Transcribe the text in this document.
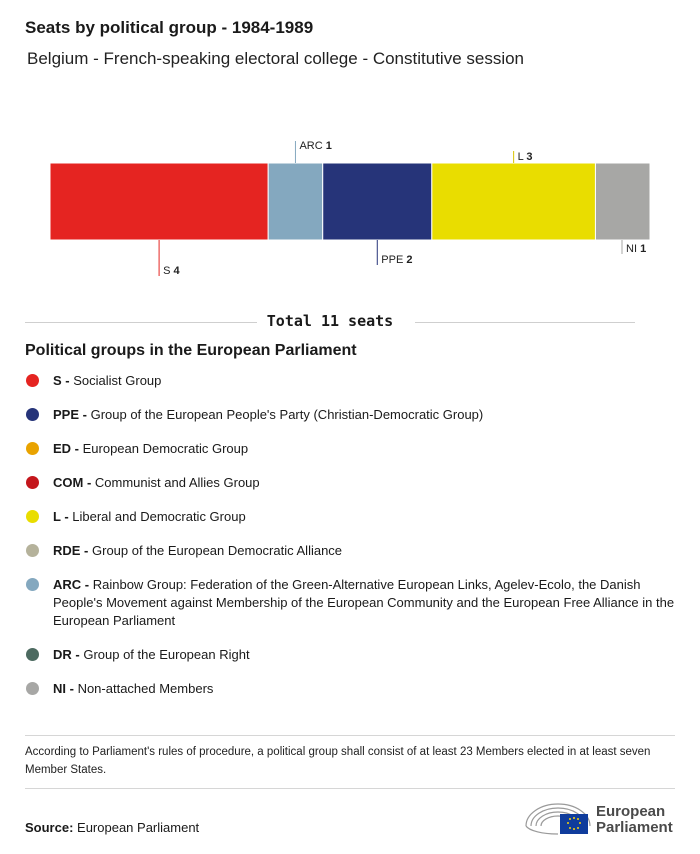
Seats by political group - 1984-1989

Belgium - French-speaking electoral college - Constitutive session

S 4
ARC 1
PPE 2
L 3
NI 1
Total 11 seats
Political groups in the European Parliament
S - Socialist Group
PPE - Group of the European People's Party (Christian-Democratic Group)
ED - European Democratic Group
COM - Communist and Allies Group
L - Liberal and Democratic Group
RDE - Group of the European Democratic Alliance
ARC - Rainbow Group: Federation of the Green-Alternative European Links, Agelev-Ecolo, the Danish People's Movement against Membership of the European Community and the European Free Alliance in the European Parliament
DR - Group of the European Right
NI - Non-attached Members

According to Parliament's rules of procedure, a political group shall consist of at least 23 Members elected in at least seven Member States.

Source: European Parliament
European
Parliament
